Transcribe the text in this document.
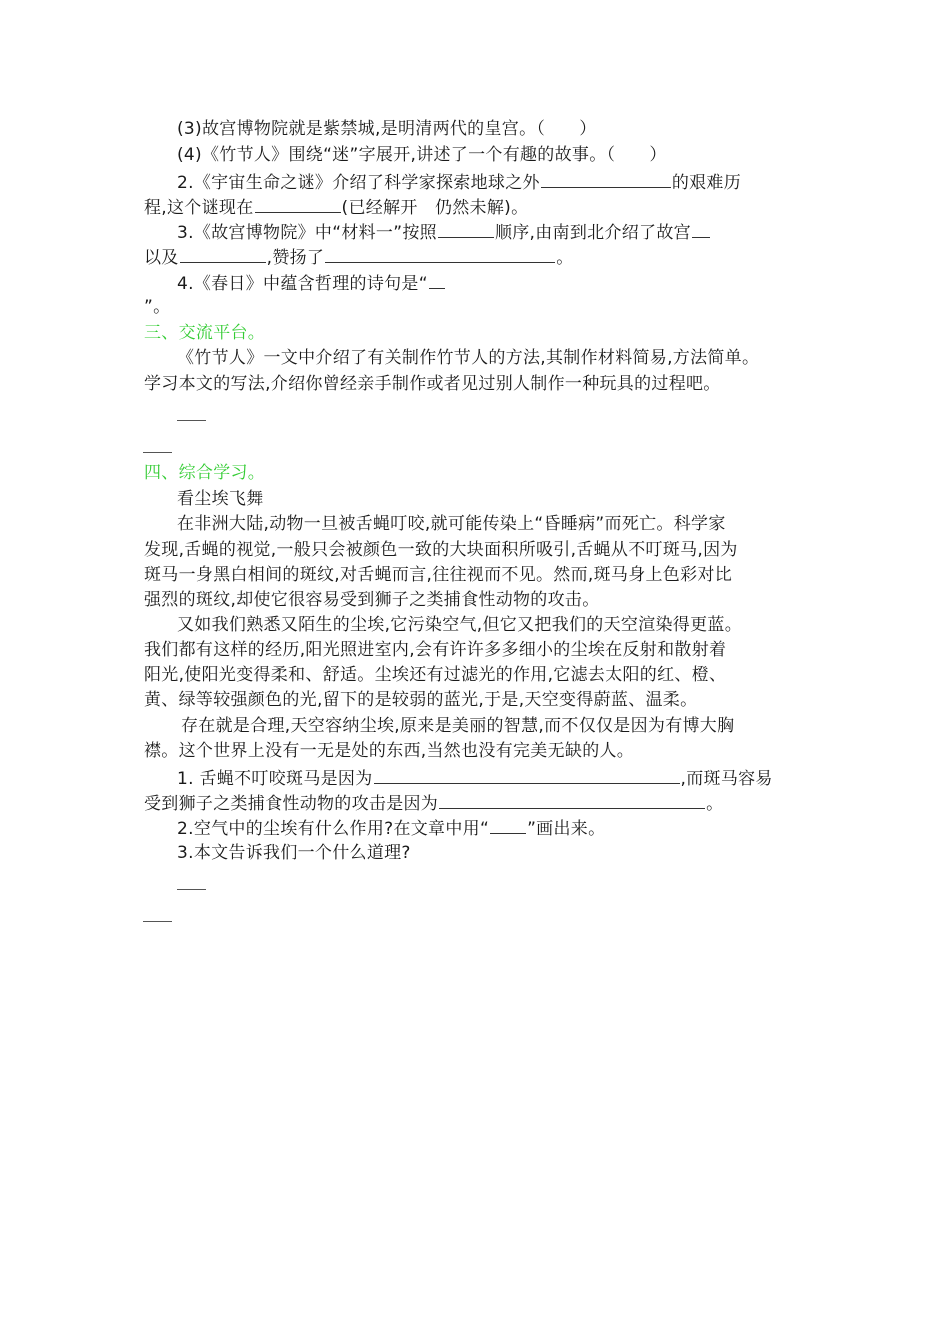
(3)故宫博物院就是紫禁城,是明清两代的皇宫。（ ）
(4)《竹节人》围绕“迷”字展开,讲述了一个有趣的故事。（ ）
2.《宇宙生命之谜》介绍了科学家探索地球之外	的艰难历
程,这个谜现在	(已经解开　仍然未解)。
3.《故宫博物院》中“材料一”按照	顺序,由南到北介绍了故宫
以及	,赞扬了	。
4.《春日》中蕴含哲理的诗句是“
”。
三、交流平台。
《竹节人》一文中介绍了有关制作竹节人的方法,其制作材料简易,方法简单。
学习本文的写法,介绍你曾经亲手制作或者见过别人制作一种玩具的过程吧。
四、综合学习。
看尘埃飞舞
在非洲大陆,动物一旦被舌蝇叮咬,就可能传染上“昏睡病”而死亡。科学家
发现,舌蝇的视觉,一般只会被颜色一致的大块面积所吸引,舌蝇从不叮斑马,因为
斑马一身黑白相间的斑纹,对舌蝇而言,往往视而不见。然而,斑马身上色彩对比
强烈的斑纹,却使它很容易受到狮子之类捕食性动物的攻击。
又如我们熟悉又陌生的尘埃,它污染空气,但它又把我们的天空渲染得更蓝。
我们都有这样的经历,阳光照进室内,会有许许多多细小的尘埃在反射和散射着
阳光,使阳光变得柔和、舒适。尘埃还有过滤光的作用,它滤去太阳的红、橙、
黄、绿等较强颜色的光,留下的是较弱的蓝光,于是,天空变得蔚蓝、温柔。
存在就是合理,天空容纳尘埃,原来是美丽的智慧,而不仅仅是因为有博大胸
襟。这个世界上没有一无是处的东西,当然也没有完美无缺的人。
1. 舌蝇不叮咬斑马是因为	,而斑马容易
受到狮子之类捕食性动物的攻击是因为	。
2.空气中的尘埃有什么作用?在文章中用“ ”画出来。
3.本文告诉我们一个什么道理?
